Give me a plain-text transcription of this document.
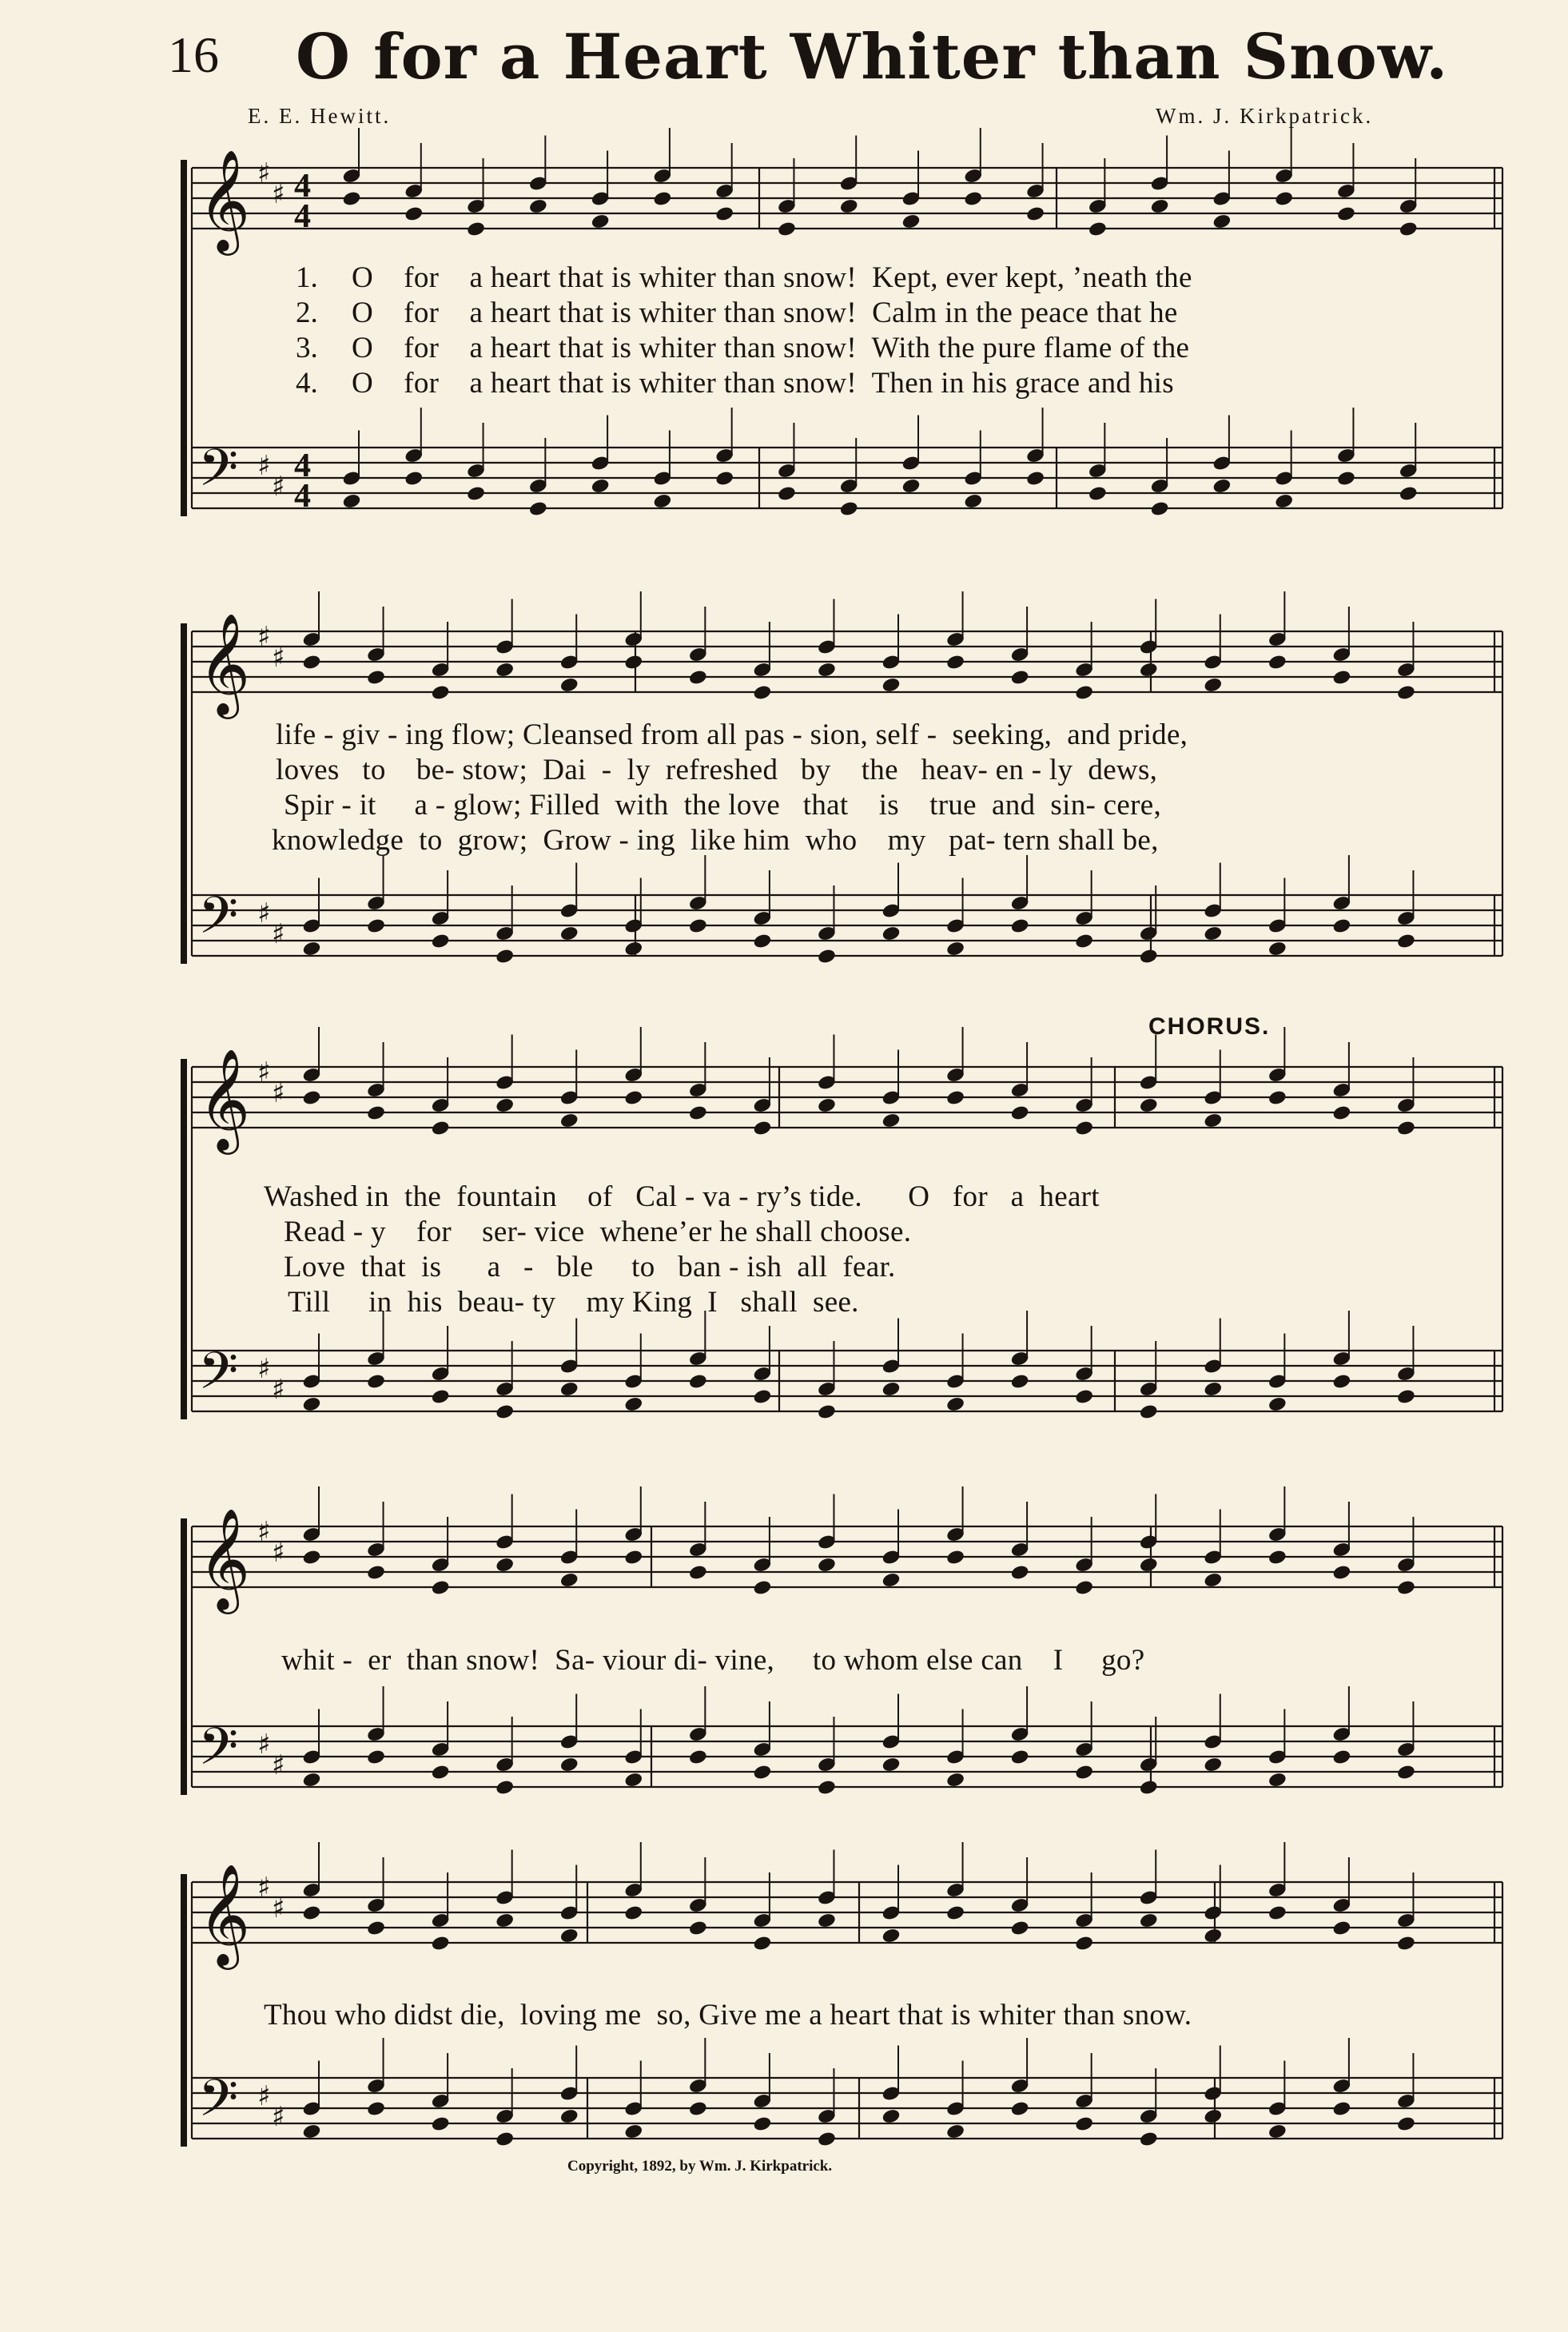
16 O for a Heart Whiter than Snow.
E. E. Hewitt.	Wm. J. Kirkpatrick.
𝄞 ♯
♯
𝄢 ♯
♯
4
4
4
4
𝄞 ♯
♯
𝄢 ♯
♯
𝄞 ♯
♯
𝄢 ♯
♯
𝄞 ♯
♯
𝄢 ♯
♯
𝄞 ♯
♯
𝄢 ♯
♯
1.
2.
3.
4.
O    for    a heart that is whiter than snow!  Kept, ever kept, ’neath the
O    for    a heart that is whiter than snow!  Calm in the peace that he
O    for    a heart that is whiter than snow!  With the pure flame of the
O    for    a heart that is whiter than snow!  Then in his grace and his
life - giv - ing flow; Cleansed from all pas - sion, self -  seeking,  and pride,
loves   to    be- stow;  Dai  -  ly  refreshed   by    the   heav- en - ly  dews,
Spir - it     a - glow; Filled  with  the love   that    is    true  and  sin- cere,
knowledge  to  grow;  Grow - ing  like him  who    my   pat- tern shall be,
CHORUS.
Washed in  the  fountain    of   Cal - va - ry’s tide.      O   for   a  heart
Read - y    for    ser- vice  whene’er he shall choose.
Love  that  is      a   -   ble     to   ban - ish  all  fear.
Till     in  his  beau- ty    my King  I   shall  see.
whit -  er  than snow!  Sa- viour di- vine,     to whom else can    I     go?
Thou who didst die,  loving me  so, Give me a heart that is whiter than snow.
Copyright, 1892, by Wm. J. Kirkpatrick.
